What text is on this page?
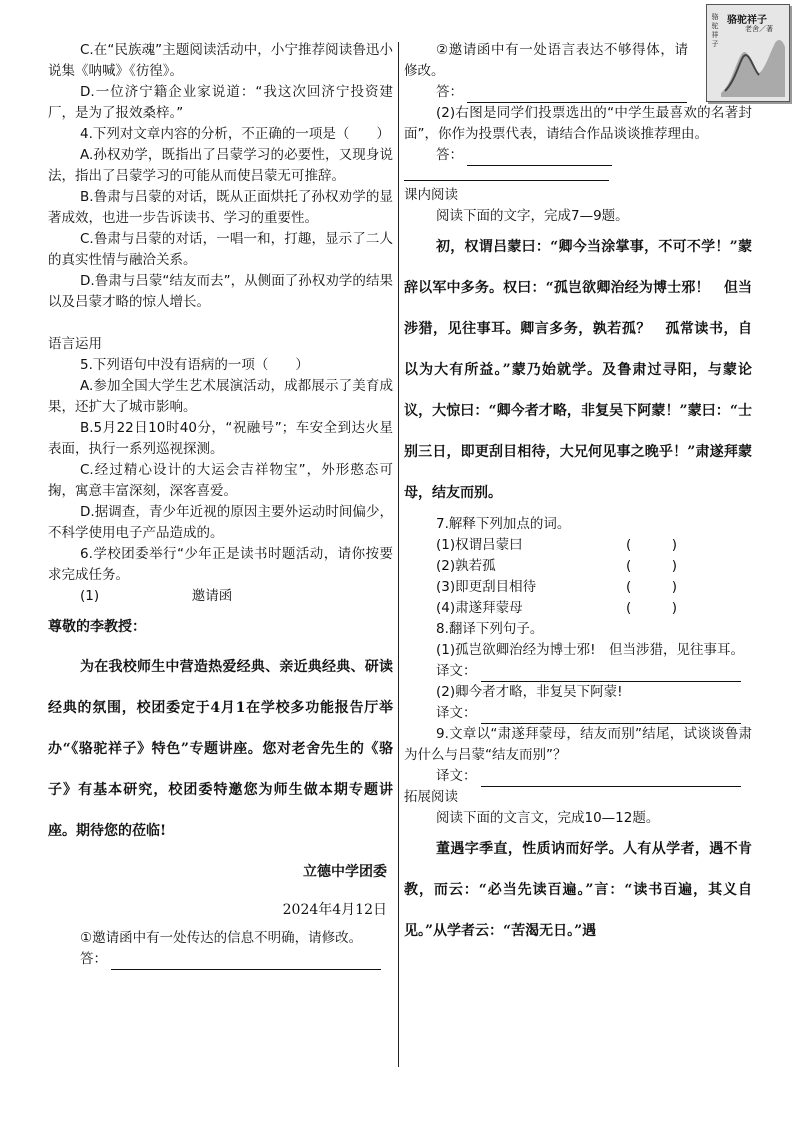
骆驼祥子
骆驼祥子
老舍／著

C.在“民族魂”主题阅读活动中，小宁推荐阅读鲁迅小说集《呐喊》《彷徨》。

D.一位济宁籍企业家说道：“我这次回济宁投资建厂，是为了报效桑梓。”

4.下列对文章内容的分析，不正确的一项是（　　）

A.孙权劝学，既指出了吕蒙学习的必要性，又现身说法，指出了吕蒙学习的可能从而使吕蒙无可推辞。

B.鲁肃与吕蒙的对话，既从正面烘托了孙权劝学的显著成效，也进一步告诉读书、学习的重要性。

C.鲁肃与吕蒙的对话，一唱一和，打趣，显示了二人的真实性情与融洽关系。

D.鲁肃与吕蒙“结友而去”，从侧面了孙权劝学的结果以及吕蒙才略的惊人增长。

语言运用

5.下列语句中没有语病的一项（　　）

A.参加全国大学生艺术展演活动，成都展示了美育成果，还扩大了城市影响。

B.5月22日10时40分，“祝融号”；车安全到达火星表面，执行一系列巡视探测。

C.经过精心设计的大运会吉祥物宝”，外形憨态可掬，寓意丰富深刻，深客喜爱。

D.据调查，青少年近视的原因主要外运动时间偏少，不科学使用电子产品造成的。

6.学校团委举行“少年正是读书时题活动，请你按要求完成任务。

(1)	邀请函

尊敬的李教授：

为在我校师生中营造热爱经典、亲近典经典、研读经典的氛围，校团委定于4月1在学校多功能报告厅举办“《骆驼祥子》特色”专题讲座。您对老舍先生的《骆子》有基本研究，校团委特邀您为师生做本期专题讲座。期待您的莅临!

立德中学团委

2024年4月12日

①邀请函中有一处传达的信息不明确，请修改。

答：

②邀请函中有一处语言表达不够得体，请修改。

答：

(2)右图是同学们投票选出的“中学生最喜欢的名著封面”，你作为投票代表，请结合作品谈谈推荐理由。

答：

课内阅读

阅读下面的文字，完成7—9题。

初，权谓吕蒙曰：“卿今当涂掌事，不可不学！”蒙辞以军中多务。权曰：“孤岂欲卿治经为博士邪！　但当涉猎，见往事耳。卿言多务，孰若孤？　孤常读书，自以为大有所益。”蒙乃始就学。及鲁肃过寻阳，与蒙论议，大惊曰：“卿今者才略，非复吴下阿蒙！”蒙曰：“士别三日，即更刮目相待，大兄何见事之晚乎！”肃遂拜蒙母，结友而别。

7.解释下列加点的词。

(1)权谓吕蒙曰	(　　　)
(2)孰若孤	(　　　)
(3)即更刮目相待	(　　　)
(4)肃遂拜蒙母	(　　　)

8.翻译下列句子。

(1)孤岂欲卿治经为博士邪!　但当涉猎，见往事耳。

译文：

(2)卿今者才略，非复吴下阿蒙!

译文：

9.文章以“肃遂拜蒙母，结友而别”结尾，试谈谈鲁肃为什么与吕蒙“结友而别”？

译文：

拓展阅读

阅读下面的文言文，完成10—12题。

董遇字季直，性质讷而好学。人有从学者，遇不肯教，而云：“必当先读百遍。”言：“读书百遍，其义自见。”从学者云：“苦渴无日。”遇
